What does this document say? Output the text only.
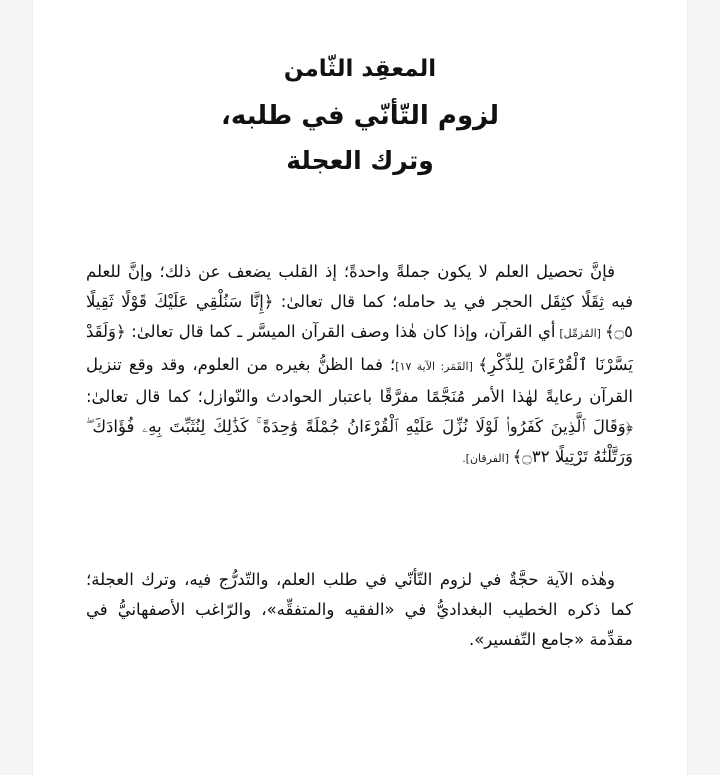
المعقِد الثّامن
لزوم التّأنّي في طلبه،
وترك العجلة

فإنَّ تحصيل العلم لا يكون جملةً واحدةً؛ إذ القلب يضعف عن ذلك؛ وإنَّ للعلم فيه ثِقَلًا كثِقَل الحجر في يد حامله؛ كما قال تعالىٰ: ﴿إِنَّا سَنُلْقِي عَلَيْكَ قَوْلًا ثَقِيلًا ۝٥﴾ [المُزمِّل] أي القرآن، وإذا كان هٰذا وصف القرآن الميسَّر ـ كما قال تعالىٰ: ﴿وَلَقَدْ يَسَّرْنَا ٱلْقُرْءَانَ لِلذِّكْرِ﴾ [القَمَر: الآية ١٧]؛ فما الظنُّ بغيره من العلوم، وقد وقع تنزيل القرآن رعايةً لهٰذا الأمر مُنَجَّمًا مفرَّقًا باعتبار الحوادث والنّوازل؛ كما قال تعالىٰ: ﴿وَقَالَ ٱلَّذِينَ كَفَرُوا۟ لَوْلَا نُزِّلَ عَلَيْهِ ٱلْقُرْءَانُ جُمْلَةً وَٰحِدَةً ۚ كَذَٰلِكَ لِنُثَبِّتَ بِهِۦ فُؤَادَكَ ۖ وَرَتَّلْنَٰهُ تَرْتِيلًا ۝٣٢﴾ [الفرقان].

وهٰذه الآية حجَّةٌ في لزوم التّأنّي في طلب العلم، والتّدرُّج فيه، وترك العجلة؛ كما ذكره الخطيب البغداديُّ في «الفقيه والمتفقِّه»، والرّاغب الأصفهانيُّ في مقدِّمة «جامع التّفسير».
